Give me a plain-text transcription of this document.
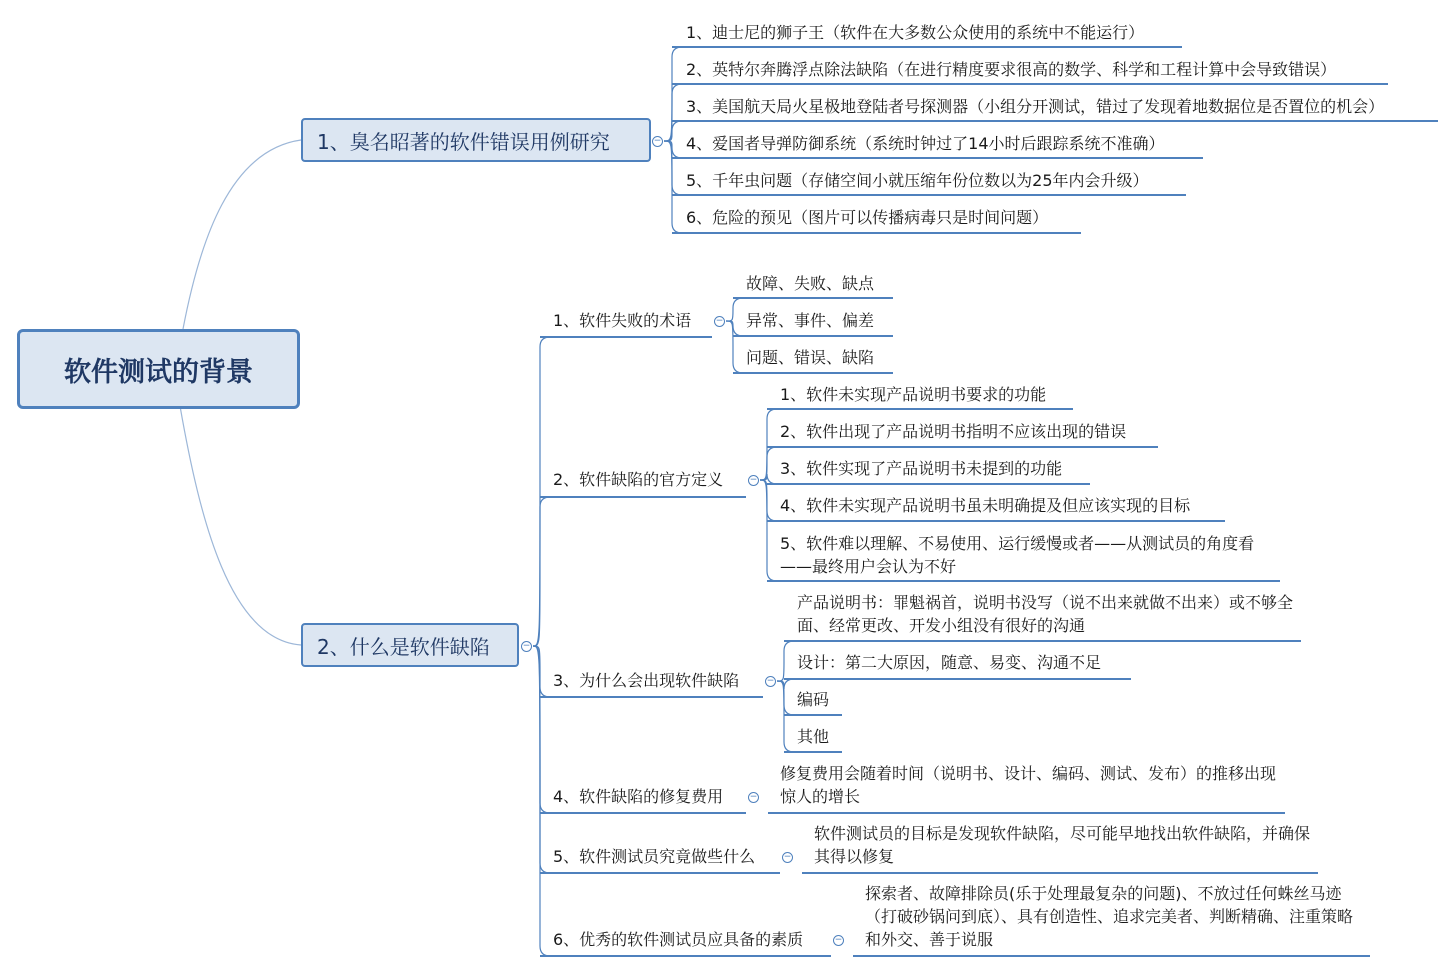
软件测试的背景
1、臭名昭著的软件错误用例研究	−
1、迪士尼的狮子王（软件在大多数公众使用的系统中不能运行）
2、英特尔奔腾浮点除法缺陷（在进行精度要求很高的数学、科学和工程计算中会导致错误）
3、美国航天局火星极地登陆者号探测器（小组分开测试，错过了发现着地数据位是否置位的机会）
4、爱国者导弹防御系统（系统时钟过了14小时后跟踪系统不准确）
5、千年虫问题（存储空间小就压缩年份位数以为25年内会升级）
6、危险的预见（图片可以传播病毒只是时间问题）
2、什么是软件缺陷	−
1、软件失败的术语	−
故障、失败、缺点
异常、事件、偏差
问题、错误、缺陷
2、软件缺陷的官方定义	−
1、软件未实现产品说明书要求的功能
2、软件出现了产品说明书指明不应该出现的错误
3、软件实现了产品说明书未提到的功能
4、软件未实现产品说明书虽未明确提及但应该实现的目标
5、软件难以理解、不易使用、运行缓慢或者——从测试员的角度看——最终用户会认为不好
3、为什么会出现软件缺陷	−
产品说明书：罪魁祸首，说明书没写（说不出来就做不出来）或不够全面、经常更改、开发小组没有很好的沟通
设计：第二大原因，随意、易变、沟通不足
编码
其他
4、软件缺陷的修复费用	−
修复费用会随着时间（说明书、设计、编码、测试、发布）的推移出现惊人的增长
5、软件测试员究竟做些什么	−
软件测试员的目标是发现软件缺陷，尽可能早地找出软件缺陷，并确保其得以修复
6、优秀的软件测试员应具备的素质	−
探索者、故障排除员(乐于处理最复杂的问题)、不放过任何蛛丝马迹（打破砂锅问到底）、具有创造性、追求完美者、判断精确、注重策略和外交、善于说服
